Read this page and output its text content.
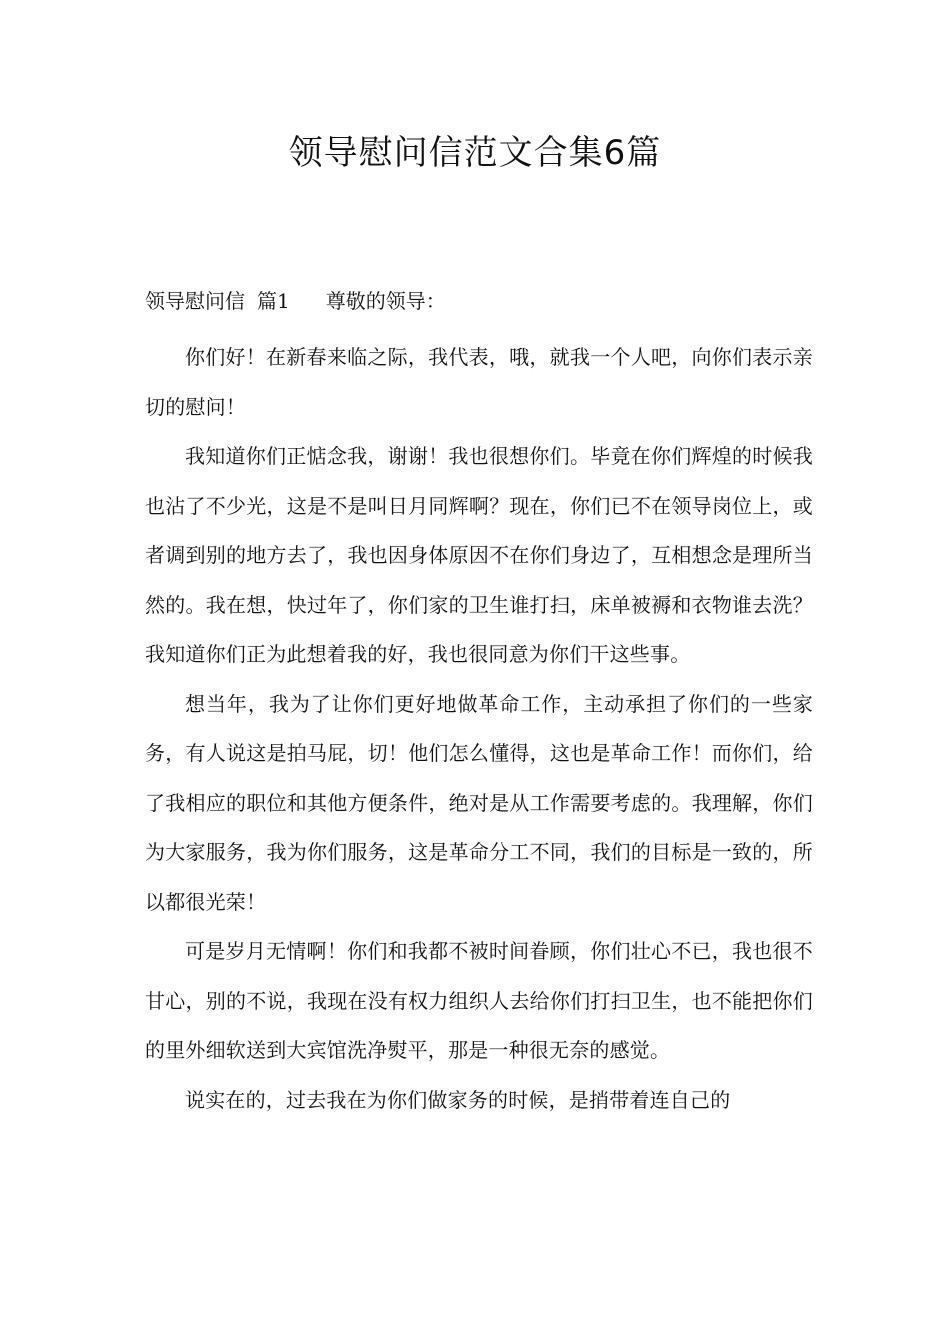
领导慰问信范文合集6篇
领导慰问信 篇1 尊敬的领导：

你们好！在新春来临之际，我代表，哦，就我一个人吧，向你们表示亲切的慰问！

我知道你们正惦念我，谢谢！我也很想你们。毕竟在你们辉煌的时候我也沾了不少光，这是不是叫日月同辉啊？现在，你们已不在领导岗位上，或者调到别的地方去了，我也因身体原因不在你们身边了，互相想念是理所当然的。我在想，快过年了，你们家的卫生谁打扫，床单被褥和衣物谁去洗？我知道你们正为此想着我的好，我也很同意为你们干这些事。

想当年，我为了让你们更好地做革命工作，主动承担了你们的一些家务，有人说这是拍马屁，切！他们怎么懂得，这也是革命工作！而你们，给了我相应的职位和其他方便条件，绝对是从工作需要考虑的。我理解，你们为大家服务，我为你们服务，这是革命分工不同，我们的目标是一致的，所以都很光荣！

可是岁月无情啊！你们和我都不被时间眷顾，你们壮心不已，我也很不甘心，别的不说，我现在没有权力组织人去给你们打扫卫生，也不能把你们的里外细软送到大宾馆洗净熨平，那是一种很无奈的感觉。

说实在的，过去我在为你们做家务的时候，是捎带着连自己的
